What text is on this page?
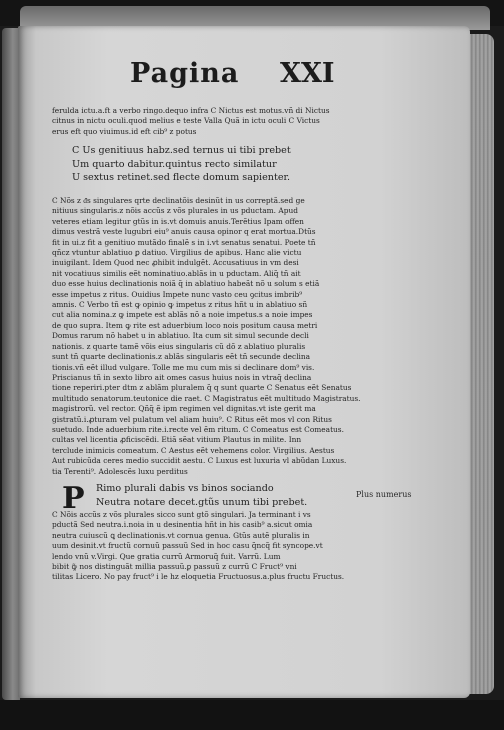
Pagina XXI
ferulda ictu.a.ft a verbo ringo.dequo infra C Nictus est motus.vñ di Nictus
citnus in nictu oculi.quod melius e teste Valla Quã in ictu oculi C Victus
erus eft quo viuimus.id eft cib⁹ z potus
C Us genitiuus habz.sed ternus ui tibi prebet
Um quarto dabitur.quintus recto similatur
U sextus retinet.sed flecte domum sapienter.
C Nõs z ᵭs singulares qrte declinatõis desinũt in us correptã.sed ge
nitiuus singularis.z nõis accũs z võs plurales in us pductam. Apud
veteres etiam legitur gtũs in is.vt domuis anuis.Terẽtius Ipam offen
dimus vestrã veste lugubri eiu⁹ anuis causa opinor q erat mortua.Dtũs
fit in ui.z fit a genitiuo mutãdo finalẽ s in i.vt senatus senatui. Poete tñ
qñcz vtuntur ablatiuo ꝑ datiuo. Virgilius de apibus. Hanc alie victu
inuigilant. Idem Quod nec ꝓhibit indulgẽt. Accusatiuus in vm desi
nit vocatiuus similis eẽt nominatiuo.ablãs in u pductam. Aliq̃ tñ ait
duo esse huius declinationis noiã q̃ in ablatiuo habeãt nõ u solum s etiã
esse impetus z ritus. Ouidius Impete nunc vasto ceu ꝯcitus imbrib⁹
amnis. C Verbo tñ est ꝙ opinio ꝙ impetus z ritus hñt u in ablatiuo sñ
cut alia nomina.z ꝙ impete est ablãs nõ a noie impetus.s a noie impes
de quo supra. Item ꝙ rite est aduerbium loco nois positum causa metri
Domus rarum nõ habet u in ablatiuo. Ita cum sit simul secunde decli
nationis. z quarte tamẽ võis eius singularis cũ dõ z ablatiuo pluralis
sunt tñ quarte declinationis.z ablãs singularis eẽt tñ secunde declina
tionis.vñ eẽt illud vulgare. Tolle me mu cum mis si declinare dom⁹ vis.
Priscianus tñ in sexto libro ait omes casus huius nois in vtraq̃ declina
tione reperiri.pter dtm z ablãm pluralem q̃ q sunt quarte C Senatus eẽt Senatus
multitudo senatorum.teutonice die raet. C Magistratus eẽt multitudo Magistratus.
magistrorũ. vel rector. Qñq̃ ẽ ipm regimen vel dignitas.vt iste gerit ma
gistratũ.i.ꝓturam vel pulatum vel aliam huiu⁹. C Ritus eẽt mos vl con Ritus
suetudo. Inde aduerbium rite.i.recte vel ẽm ritum. C Comeatus est Comeatus.
cultas vel licentia ꝓficiscẽdi. Etiã sẽat vitium Plautus in milite. Inn
terclude inimicis comeatum. C Aestus eẽt vehemens color. Virgilius. Aestus
Aut rubicũda ceres medio succidit aestu. C Luxus est luxuria vl abũdan Luxus.
tia Terenti⁹. Adolescẽs luxu perditus
P Rimo plurali dabis vs binos sociando
Neutra notare decet.gtũs unum tibi prebet.
Plus numerus
C Nõis accũs z võs plurales sicco sunt gtõ singulari. Ja terminant i vs
pductã Sed neutra.i.noia in u desinentia hñt in his casib⁹ a.sicut omia
neutra cuiuscũ ꝗ declinationis.vt cornua genua. Gtũs autẽ pluralis in
uum desinit.vt fructũ cornuũ passuũ Sed in hoc casu q̃ncq̃ fit syncope.vt
lendo vnũ v.Virgi. Que gratia currũ Armoruq̃ fuit. Varrũ. Lum
bibit ꝙ̃ nos distinguãt millia passuũ.ꝑ passuũ z currũ C Fruct⁹ vni
tilitas Licero. No pay fruct⁹ i le hz eloquetia Fructuosus.a.plus fructu Fructus.
